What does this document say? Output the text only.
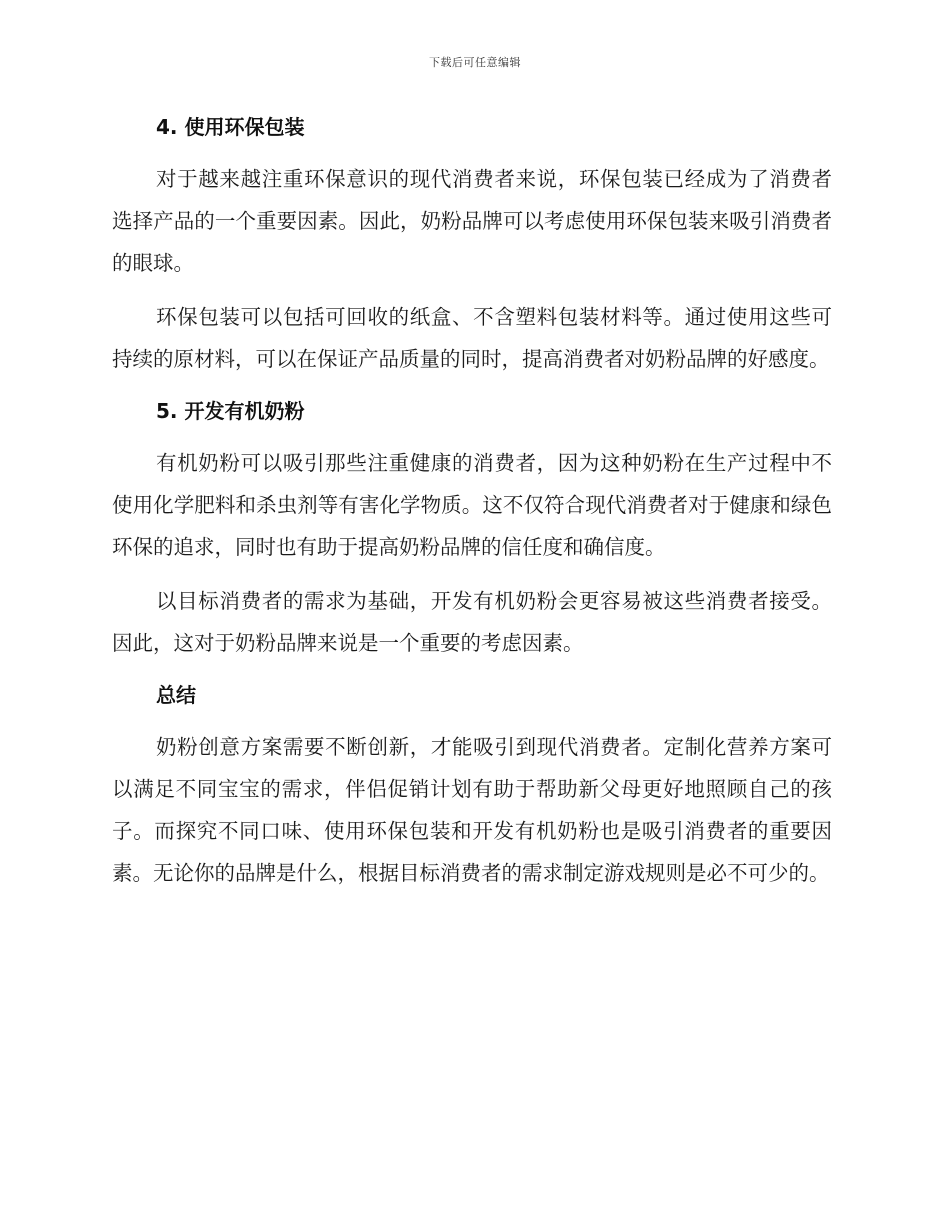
下载后可任意编辑
4. 使用环保包装

对于越来越注重环保意识的现代消费者来说，环保包装已经成为了消费者选择产品的一个重要因素。因此，奶粉品牌可以考虑使用环保包装来吸引消费者的眼球。

环保包装可以包括可回收的纸盒、不含塑料包装材料等。通过使用这些可持续的原材料，可以在保证产品质量的同时，提高消费者对奶粉品牌的好感度。

5. 开发有机奶粉

有机奶粉可以吸引那些注重健康的消费者，因为这种奶粉在生产过程中不使用化学肥料和杀虫剂等有害化学物质。这不仅符合现代消费者对于健康和绿色环保的追求，同时也有助于提高奶粉品牌的信任度和确信度。

以目标消费者的需求为基础，开发有机奶粉会更容易被这些消费者接受。因此，这对于奶粉品牌来说是一个重要的考虑因素。

总结

奶粉创意方案需要不断创新，才能吸引到现代消费者。定制化营养方案可以满足不同宝宝的需求，伴侣促销计划有助于帮助新父母更好地照顾自己的孩子。而探究不同口味、使用环保包装和开发有机奶粉也是吸引消费者的重要因素。无论你的品牌是什么，根据目标消费者的需求制定游戏规则是必不可少的。
